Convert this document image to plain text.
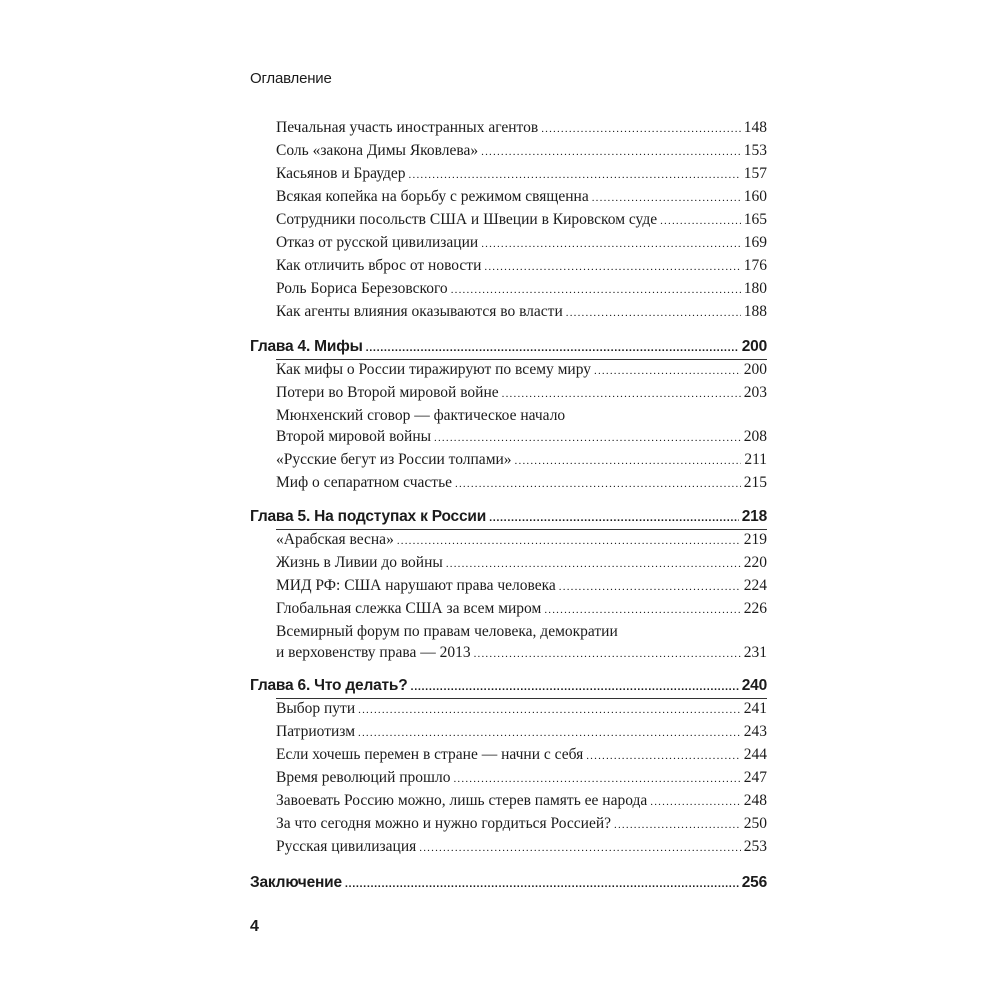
Оглавление
Печальная участь иностранных агентов .....	148
Соль «закона Димы Яковлева» .....	153
Касьянов и Браудер .....	157
Всякая копейка на борьбу с режимом священна .....	160
Сотрудники посольств США и Швеции в Кировском суде .....	165
Отказ от русской цивилизации .....	169
Как отличить вброс от новости .....	176
Роль Бориса Березовского .....	180
Как агенты влияния оказываются во власти .....	188
Глава 4. Мифы .....	200
Как мифы о России тиражируют по всему миру .....	200
Потери во Второй мировой войне .....	203
Мюнхенский сговор — фактическое начало
Второй мировой войны .....	208
«Русские бегут из России толпами» .....	211
Миф о сепаратном счастье .....	215
Глава 5. На подступах к России .....	218
«Арабская весна» .....	219
Жизнь в Ливии до войны .....	220
МИД РФ: США нарушают права человека .....	224
Глобальная слежка США за всем миром .....	226
Всемирный форум по правам человека, демократии
и верховенству права — 2013 .....	231
Глава 6. Что делать? .....	240
Выбор пути .....	241
Патриотизм .....	243
Если хочешь перемен в стране — начни с себя .....	244
Время революций прошло .....	247
Завоевать Россию можно, лишь стерев память ее народа .....	248
За что сегодня можно и нужно гордиться Россией? .....	250
Русская цивилизация .....	253
Заключение .....	256
4
